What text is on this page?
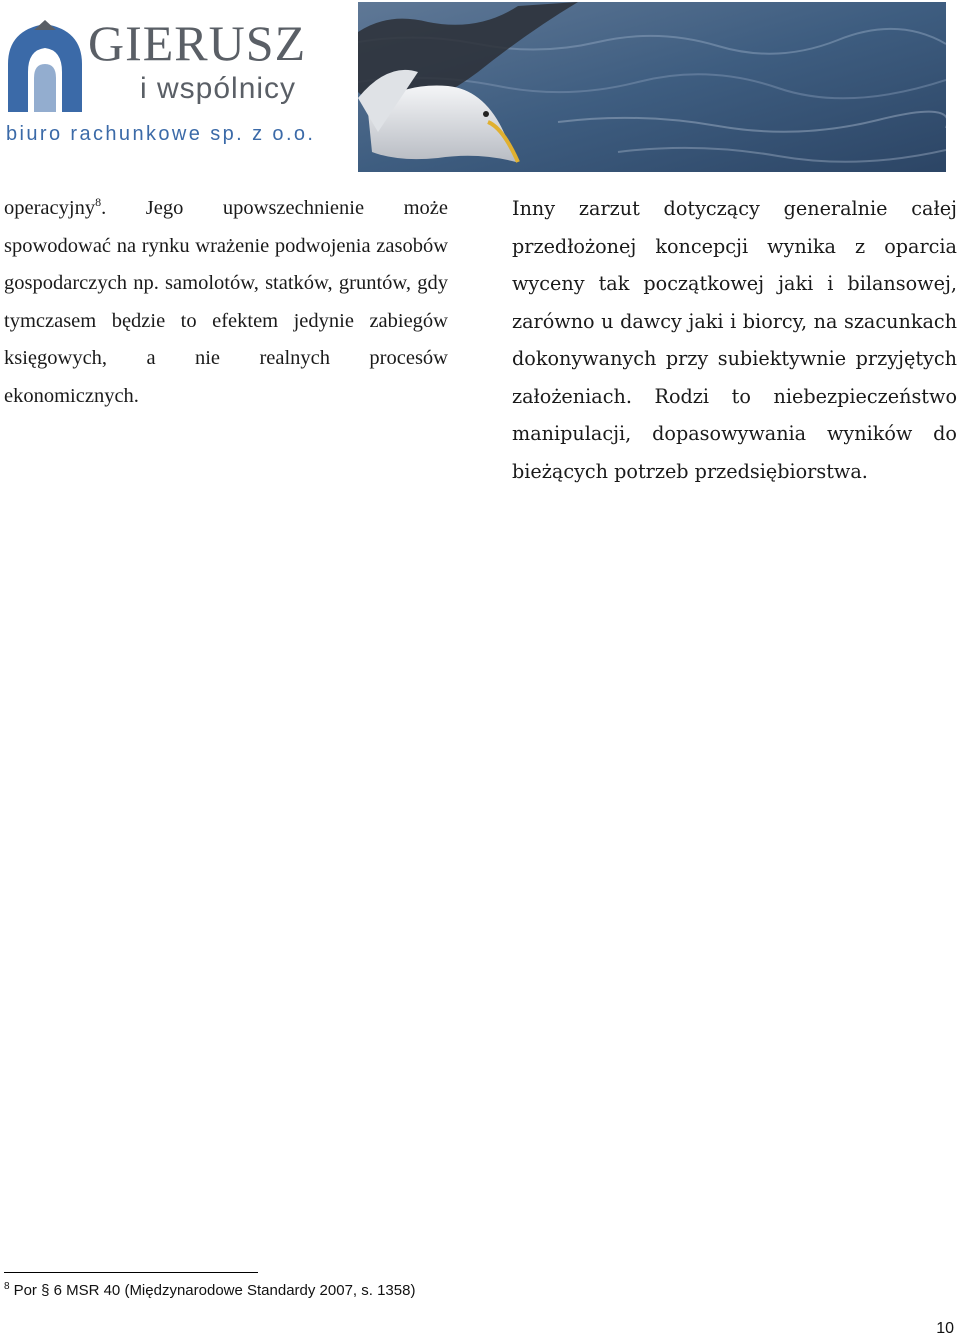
GIERUSZ
i wspólnicy
biuro rachunkowe sp. z o.o.

operacyjny$^8$. Jego upowszechnienie może spowodować na rynku wrażenie podwojenia zasobów gospodarczych np. samolotów, statków, gruntów, gdy tymczasem będzie to efektem jedynie zabiegów księgowych, a nie realnych procesów ekonomicznych.

Inny zarzut dotyczący generalnie całej przedłożonej koncepcji wynika z oparcia wyceny tak początkowej jaki i bilansowej, zarówno u dawcy jaki i biorcy, na szacunkach dokonywanych przy subiektywnie przyjętych założeniach. Rodzi to niebezpieczeństwo manipulacji, dopasowywania wyników do bieżących potrzeb przedsiębiorstwa.

$^8$ Por § 6 MSR 40 (Międzynarodowe Standardy 2007, s. 1358)
10
